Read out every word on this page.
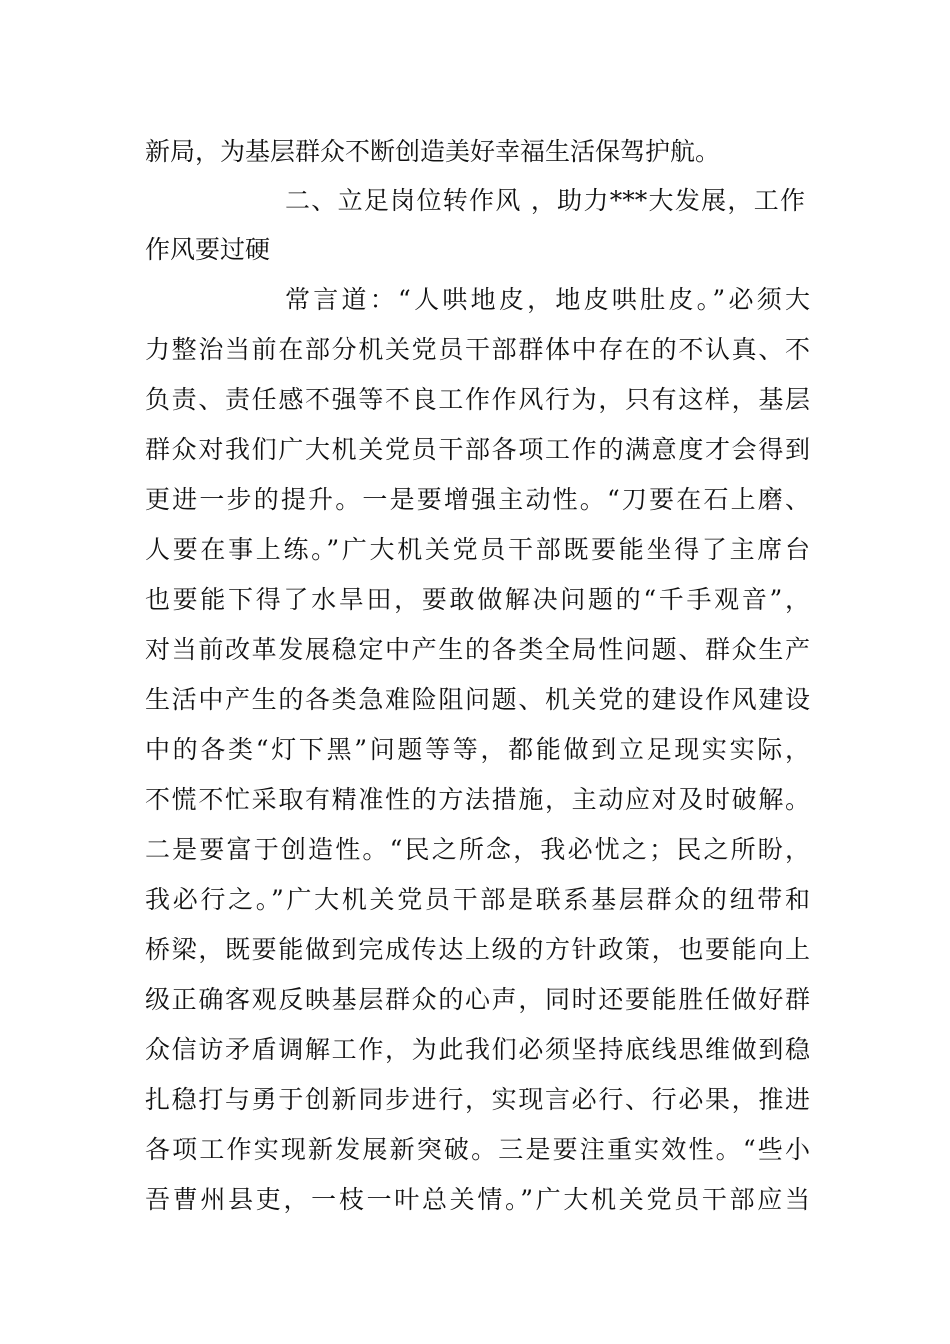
新局，为基层群众不断创造美好幸福生活保驾护航。
二、立足岗位转作风 ，助力***大发展，工作
作风要过硬
常言道：“人哄地皮，地皮哄肚皮。”必须大
力整治当前在部分机关党员干部群体中存在的不认真、不
负责、责任感不强等不良工作作风行为，只有这样，基层
群众对我们广大机关党员干部各项工作的满意度才会得到
更进一步的提升。一是要增强主动性。“刀要在石上磨、
人要在事上练。”广大机关党员干部既要能坐得了主席台
也要能下得了水旱田，要敢做解决问题的“千手观音”，
对当前改革发展稳定中产生的各类全局性问题、群众生产
生活中产生的各类急难险阻问题、机关党的建设作风建设
中的各类“灯下黑”问题等等，都能做到立足现实实际，
不慌不忙采取有精准性的方法措施，主动应对及时破解。
二是要富于创造性。“民之所念，我必忧之；民之所盼，
我必行之。”广大机关党员干部是联系基层群众的纽带和
桥梁，既要能做到完成传达上级的方针政策，也要能向上
级正确客观反映基层群众的心声，同时还要能胜任做好群
众信访矛盾调解工作，为此我们必须坚持底线思维做到稳
扎稳打与勇于创新同步进行，实现言必行、行必果，推进
各项工作实现新发展新突破。三是要注重实效性。“些小
吾曹州县吏，一枝一叶总关情。”广大机关党员干部应当
